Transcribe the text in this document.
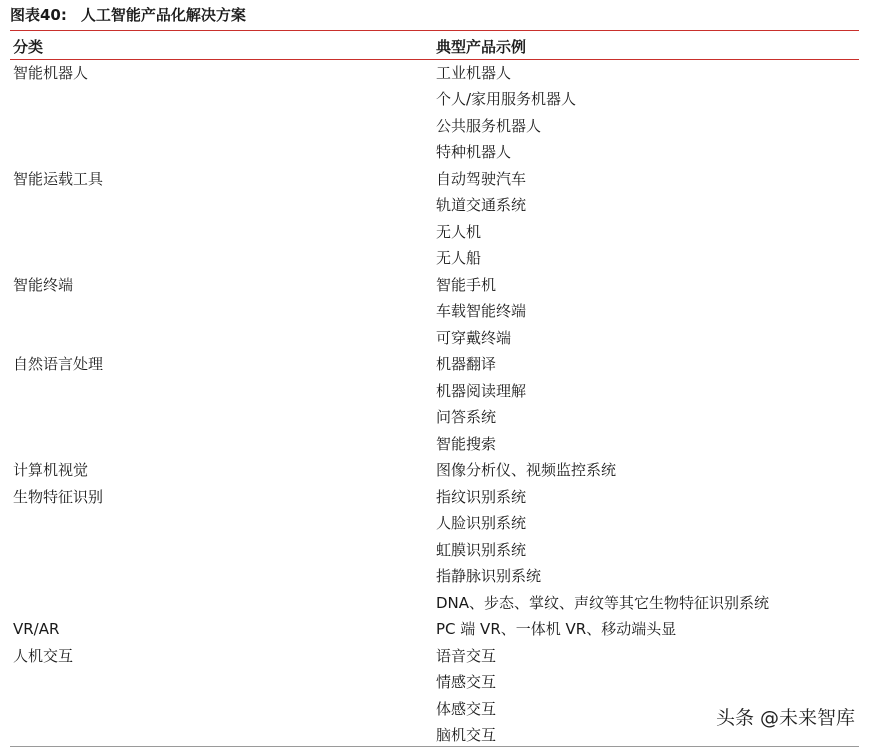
图表40: 人工智能产品化解决方案
分类	典型产品示例
智能机器人	工业机器人
个人/家用服务机器人
公共服务机器人
特种机器人
智能运载工具	自动驾驶汽车
轨道交通系统
无人机
无人船
智能终端	智能手机
车载智能终端
可穿戴终端
自然语言处理	机器翻译
机器阅读理解
问答系统
智能搜索
计算机视觉	图像分析仪、视频监控系统
生物特征识别	指纹识别系统
人脸识别系统
虹膜识别系统
指静脉识别系统
DNA、步态、掌纹、声纹等其它生物特征识别系统
VR/AR	PC 端 VR、一体机 VR、移动端头显
人机交互	语音交互
情感交互
体感交互
脑机交互
头条 @未来智库
